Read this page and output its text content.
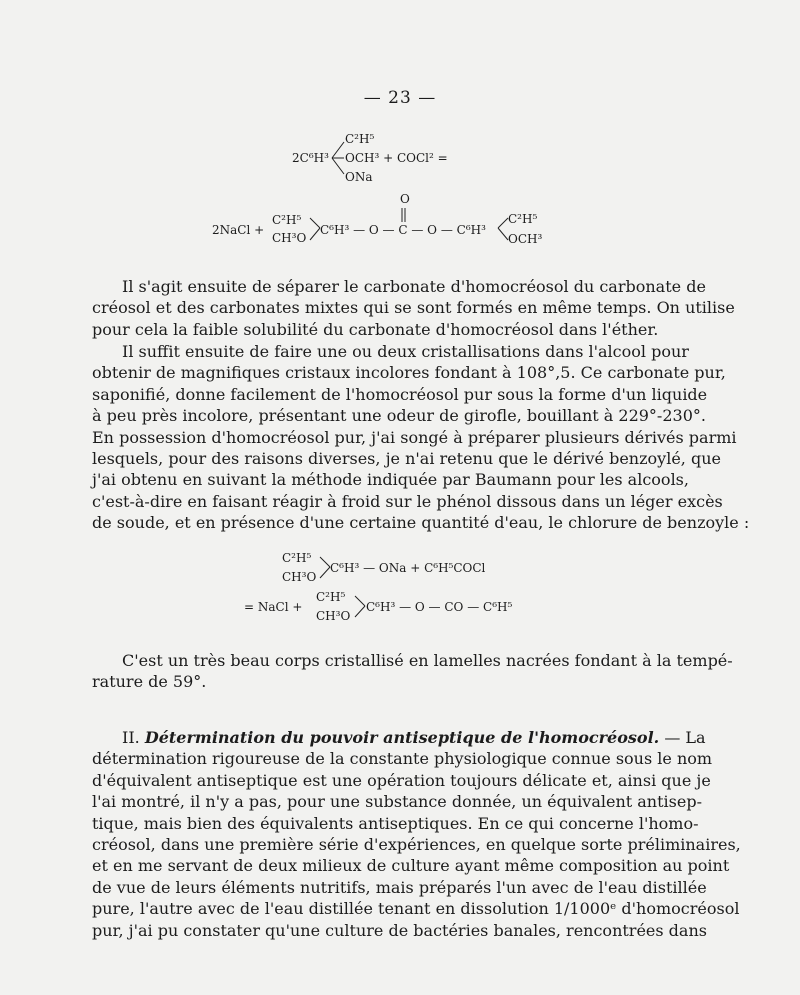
— 23 —
2C⁶H³
C²H⁵
OCH³ + COCl² =
ONa
2NaCl +
C²H⁵
CH³O
C⁶H³ — O — C — O — C⁶H³
O
C²H⁵
OCH³

Il s'agit ensuite de séparer le carbonate d'homocréosol du carbonate de
créosol et des carbonates mixtes qui se sont formés en même temps. On utilise
pour cela la faible solubilité du carbonate d'homocréosol dans l'éther.

Il suffit ensuite de faire une ou deux cristallisations dans l'alcool pour
obtenir de magnifiques cristaux incolores fondant à 108°,5. Ce carbonate pur,
saponifié, donne facilement de l'homocréosol pur sous la forme d'un liquide
à peu près incolore, présentant une odeur de girofle, bouillant à 229°-230°.
En possession d'homocréosol pur, j'ai songé à préparer plusieurs dérivés parmi
lesquels, pour des raisons diverses, je n'ai retenu que le dérivé benzoylé, que
j'ai obtenu en suivant la méthode indiquée par Baumann pour les alcools,
c'est-à-dire en faisant réagir à froid sur le phénol dissous dans un léger excès
de soude, et en présence d'une certaine quantité d'eau, le chlorure de benzoyle :

C²H⁵
CH³O
C⁶H³ — ONa + C⁶H⁵COCl
= NaCl +
C²H⁵
CH³O
C⁶H³ — O — CO — C⁶H⁵

C'est un très beau corps cristallisé en lamelles nacrées fondant à la tempé-
rature de 59°.

II. Détermination du pouvoir antiseptique de l'homocréosol. — La
détermination rigoureuse de la constante physiologique connue sous le nom
d'équivalent antiseptique est une opération toujours délicate et, ainsi que je
l'ai montré, il n'y a pas, pour une substance donnée, un équivalent antisep-
tique, mais bien des équivalents antiseptiques. En ce qui concerne l'homo-
créosol, dans une première série d'expériences, en quelque sorte préliminaires,
et en me servant de deux milieux de culture ayant même composition au point
de vue de leurs éléments nutritifs, mais préparés l'un avec de l'eau distillée
pure, l'autre avec de l'eau distillée tenant en dissolution 1/1000ᵉ d'homocréosol
pur, j'ai pu constater qu'une culture de bactéries banales, rencontrées dans
